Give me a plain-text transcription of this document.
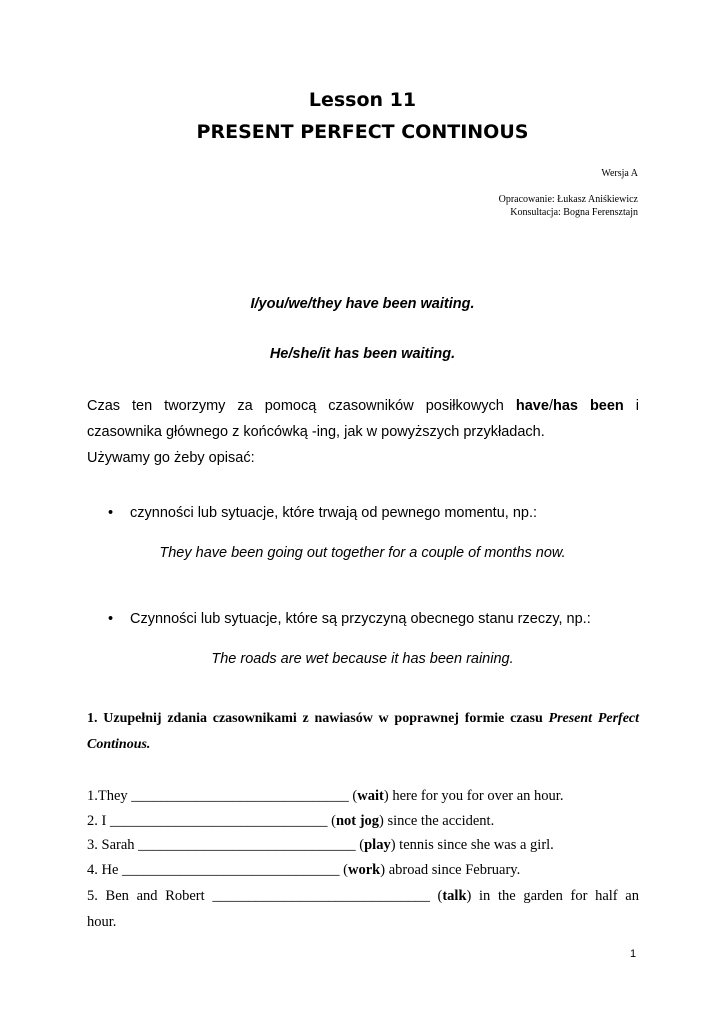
Lesson 11
PRESENT PERFECT CONTINOUS
Wersja A
Opracowanie: Łukasz Aniśkiewicz
Konsultacja: Bogna Ferensztajn
I/you/we/they have been waiting.
He/she/it has been waiting.
Czas ten tworzymy za pomocą czasowników posiłkowych have/has been i
czasownika głównego z końcówką -ing, jak w powyższych przykładach.
Używamy go żeby opisać:
• czynności lub sytuacje, które trwają od pewnego momentu, np.:
They have been going out together for a couple of months now.
• Czynności lub sytuacje, które są przyczyną obecnego stanu rzeczy, np.:
The roads are wet because it has been raining.
1. Uzupełnij zdania czasownikami z nawiasów w poprawnej formie czasu Present Perfect Continous.
1.They ______________________________ (wait) here for you for over an hour.
2. I ______________________________ (not jog) since the accident.
3. Sarah ______________________________ (play) tennis since she was a girl.
4. He ______________________________ (work) abroad since February.
5. Ben and Robert ______________________________ (talk) in the garden for half an
hour.
1
